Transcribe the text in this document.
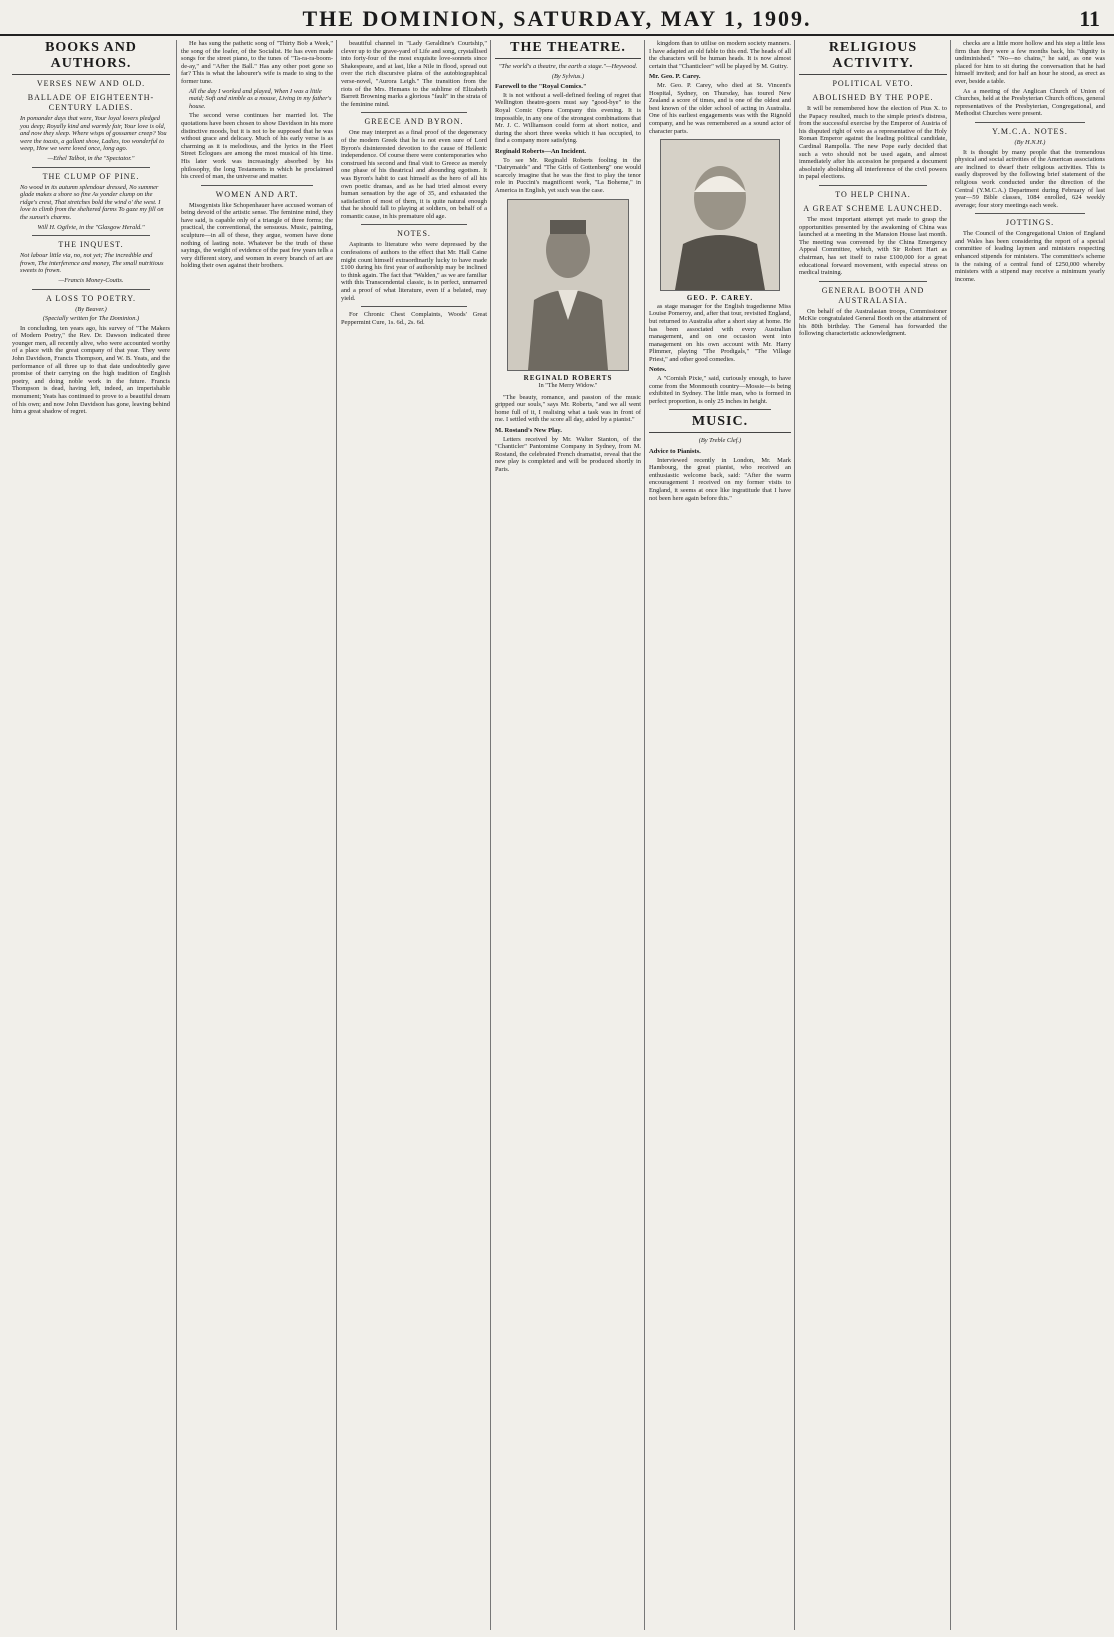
THE DOMINION, SATURDAY, MAY 1, 1909.	11
BOOKS AND AUTHORS.
VERSES NEW AND OLD.
BALLADE OF EIGHTEENTH-CENTURY LADIES.
In pomander days that were, Your loyal lovers pledged you deep; Royally kind and warmly fair, Your love is old, and now they sleep. Where wisps of gossamer creep? You were the toasts, a gallant show, Ladies, too wonderful to weep, How we were loved once, long ago.
—Ethel Talbot, in the "Spectator."
THE CLUMP OF PINE.
No wood in its autumn splendour dressed, No summer glade makes a shore so fine As yonder clump on the ridge's crest, That stretches bold the wind o' the west. I love to climb from the sheltered farms To gaze my fill on the sunset's charms.
Will H. Ogilvie, in the "Glasgow Herald."
THE INQUEST.
Not labour little via, no, not yet; The incredible and frown, The interference and money, The small nutritious sweets to frown.
—Francis Money-Coutts.
A LOSS TO POETRY.
(By Beaver.)
(Specially written for The Dominion.)

In concluding, ten years ago, his survey of "The Makers of Modern Poetry," the Rev. Dr. Dawson indicated three younger men, all recently alive, who were accounted worthy of a place with the great company of that year. They were John Davidson, Francis Thompson, and W. B. Yeats, and the performance of all three up to that date undoubtedly gave promise of their carrying on the high tradition of English poetry, and doing noble work in the future. Francis Thompson is dead, having left, indeed, an imperishable monument; Yeats has continued to prove to a beautiful dream of his own; and now John Davidson has gone, leaving behind him a great shadow of regret.

He has sung the pathetic song of "Thirty Bob a Week," the song of the loafer, of the Socialist. He has even made songs for the street piano, to the tunes of "Ta-ra-ra-boom-de-ay," and "After the Ball." Has any other poet gone so far? This is what the labourer's wife is made to sing to the former tune.

All the day I worked and played, When I was a little maid; Soft and nimble as a mouse, Living in my father's house.

The second verse continues her married lot. The quotations have been chosen to show Davidson in his more distinctive moods, but it is not to be supposed that he was without grace and delicacy. Much of his early verse is as charming as it is melodious, and the lyrics in the Fleet Street Eclogues are among the most musical of his time. His later work was increasingly absorbed by his philosophy, the long Testaments in which he proclaimed his creed of man, the universe and matter.

WOMEN AND ART.

Misogynists like Schopenhauer have accused woman of being devoid of the artistic sense. The feminine mind, they have said, is capable only of a triangle of three forms; the practical, the conventional, the sensuous. Music, painting, sculpture—in all of these, they argue, women have done nothing of lasting note. Whatever be the truth of these sayings, the weight of evidence of the past few years tells a very different story, and women in every branch of art are holding their own against their brothers.

beautiful channel in "Lady Geraldine's Courtship," clever up to the grave-yard of Life and song, crystallised into forty-four of the most exquisite love-sonnets since Shakespeare, and at last, like a Nile in flood, spread out over the rich discursive plains of the autobiographical verse-novel, "Aurora Leigh." The transition from the riots of the Mrs. Hemans to the sublime of Elizabeth Barrett Browning marks a glorious "fault" in the strata of the feminine mind.

GREECE AND BYRON.

One may interpret as a final proof of the degeneracy of the modern Greek that he is not even sure of Lord Byron's disinterested devotion to the cause of Hellenic independence. Of course there were contemporaries who construed his second and final visit to Greece as merely one phase of his theatrical and abounding egotism. It was Byron's habit to cast himself as the hero of all his own poetic dramas, and as he had tried almost every human sensation by the age of 35, and exhausted the satisfaction of most of them, it is quite natural enough that he should fall to playing at soldiers, on behalf of a romantic cause, in his premature old age.

NOTES.

Aspirants to literature who were depressed by the confessions of authors to the effect that Mr. Hall Caine might count himself extraordinarily lucky to have made £100 during his first year of authorship may be inclined to think again. The fact that "Walden," as we are familiar with this Transcendental classic, is in perfect, unmarred and a proof of what literature, even if a belated, may yield.

For Chronic Chest Complaints, Woods' Great Peppermint Cure, 1s. 6d., 2s. 6d.

THE THEATRE.
"The world's a theatre, the earth a stage."—Heywood.
(By Sylvius.)
Farewell to the "Royal Comics."

It is not without a well-defined feeling of regret that Wellington theatre-goers must say "good-bye" to the Royal Comic Opera Company this evening. It is impossible, in any one of the strongest combinations that Mr. J. C. Williamson could form at short notice, and during the short three weeks which it has occupied, to find a company more satisfying.

Reginald Roberts—An Incident.

To see Mr. Reginald Roberts fooling in the "Dairymaids" and "The Girls of Gottenberg" one would scarcely imagine that he was the first to play the tenor role in Puccini's magnificent work, "La Boheme," in America in English, yet such was the case.

REGINALD ROBERTS
In "The Merry Widow."

"The beauty, romance, and passion of the music gripped our souls," says Mr. Roberts, "and we all went home full of it, I realising what a task was in front of me. I settled with the score all day, aided by a pianist."

M. Rostand's New Play.

Letters received by Mr. Walter Stanton, of the "Chanticler" Pantomime Company in Sydney, from M. Rostand, the celebrated French dramatist, reveal that the new play is completed and will be produced shortly in Paris.

kingdom than to utilise on modern society manners. I have adapted an old fable to this end. The heads of all the characters will be human heads. It is now almost certain that "Chanticleer" will be played by M. Guitry.

Mr. Geo. P. Carey.

Mr. Geo. P. Carey, who died at St. Vincent's Hospital, Sydney, on Thursday, has toured New Zealand a score of times, and is one of the oldest and best known of the older school of acting in Australia. One of his earliest engagements was with the Rignold company, and he was remembered as a sound actor of character parts.

GEO. P. CAREY.

as stage manager for the English tragedienne Miss Louise Pomeroy, and, after that tour, revisited England, but returned to Australia after a short stay at home. He has been associated with every Australian management, and on one occasion went into management on his own account with Mr. Harry Plimmer, playing "The Prodigals," "The Village Priest," and other good comedies.

Notes.

A "Cornish Pixie," said, curiously enough, to have come from the Monmouth country—Mossie—is being exhibited in Sydney. The little man, who is formed in perfect proportion, is only 25 inches in height.

MUSIC.
(By Treble Clef.)
Advice to Pianists.

Interviewed recently in London, Mr. Mark Hambourg, the great pianist, who received an enthusiastic welcome back, said: "After the warm encouragement I received on my former visits to England, it seems at once like ingratitude that I have not been here again before this."

RELIGIOUS ACTIVITY.
POLITICAL VETO.
ABOLISHED BY THE POPE.

It will be remembered how the election of Pius X. to the Papacy resulted, much to the simple priest's distress, from the successful exercise by the Emperor of Austria of his disputed right of veto as a representative of the Holy Roman Emperor against the leading political candidate, Cardinal Rampolla. The new Pope early decided that such a veto should not be used again, and almost immediately after his accession he prepared a document absolutely abolishing all interference of the civil powers in papal elections.

TO HELP CHINA.
A GREAT SCHEME LAUNCHED.

The most important attempt yet made to grasp the opportunities presented by the awakening of China was launched at a meeting in the Mansion House last month. The meeting was convened by the China Emergency Appeal Committee, which, with Sir Robert Hart as chairman, has set itself to raise £100,000 for a great educational forward movement, with especial stress on medical training.

GENERAL BOOTH AND AUSTRALASIA.

On behalf of the Australasian troops, Commissioner McKie congratulated General Booth on the attainment of his 80th birthday. The General has forwarded the following characteristic acknowledgment.

checks are a little more hollow and his step a little less firm than they were a few months back, his "dignity is undiminished." "No—no chains," he said, as one was placed for him to sit during the conversation that he had himself invited; and for half an hour he stood, as erect as ever, beside a table.

As a meeting of the Anglican Church of Union of Churches, held at the Presbyterian Church offices, general representatives of the Presbyterian, Congregational, and Methodist Churches were present.

Y.M.C.A. NOTES.
(By H.N.H.)

It is thought by many people that the tremendous physical and social activities of the American associations are inclined to dwarf their religious activities. This is easily disproved by the following brief statement of the religious work conducted under the direction of the Central (Y.M.C.A.) Department during February of last year—59 Bible classes, 1084 enrolled, 624 weekly average; four story meetings each week.

JOTTINGS.

The Council of the Congregational Union of England and Wales has been considering the report of a special committee of leading laymen and ministers respecting enhanced stipends for ministers. The committee's scheme is the raising of a central fund of £250,000 whereby ministers with a stipend may receive a minimum yearly income.
